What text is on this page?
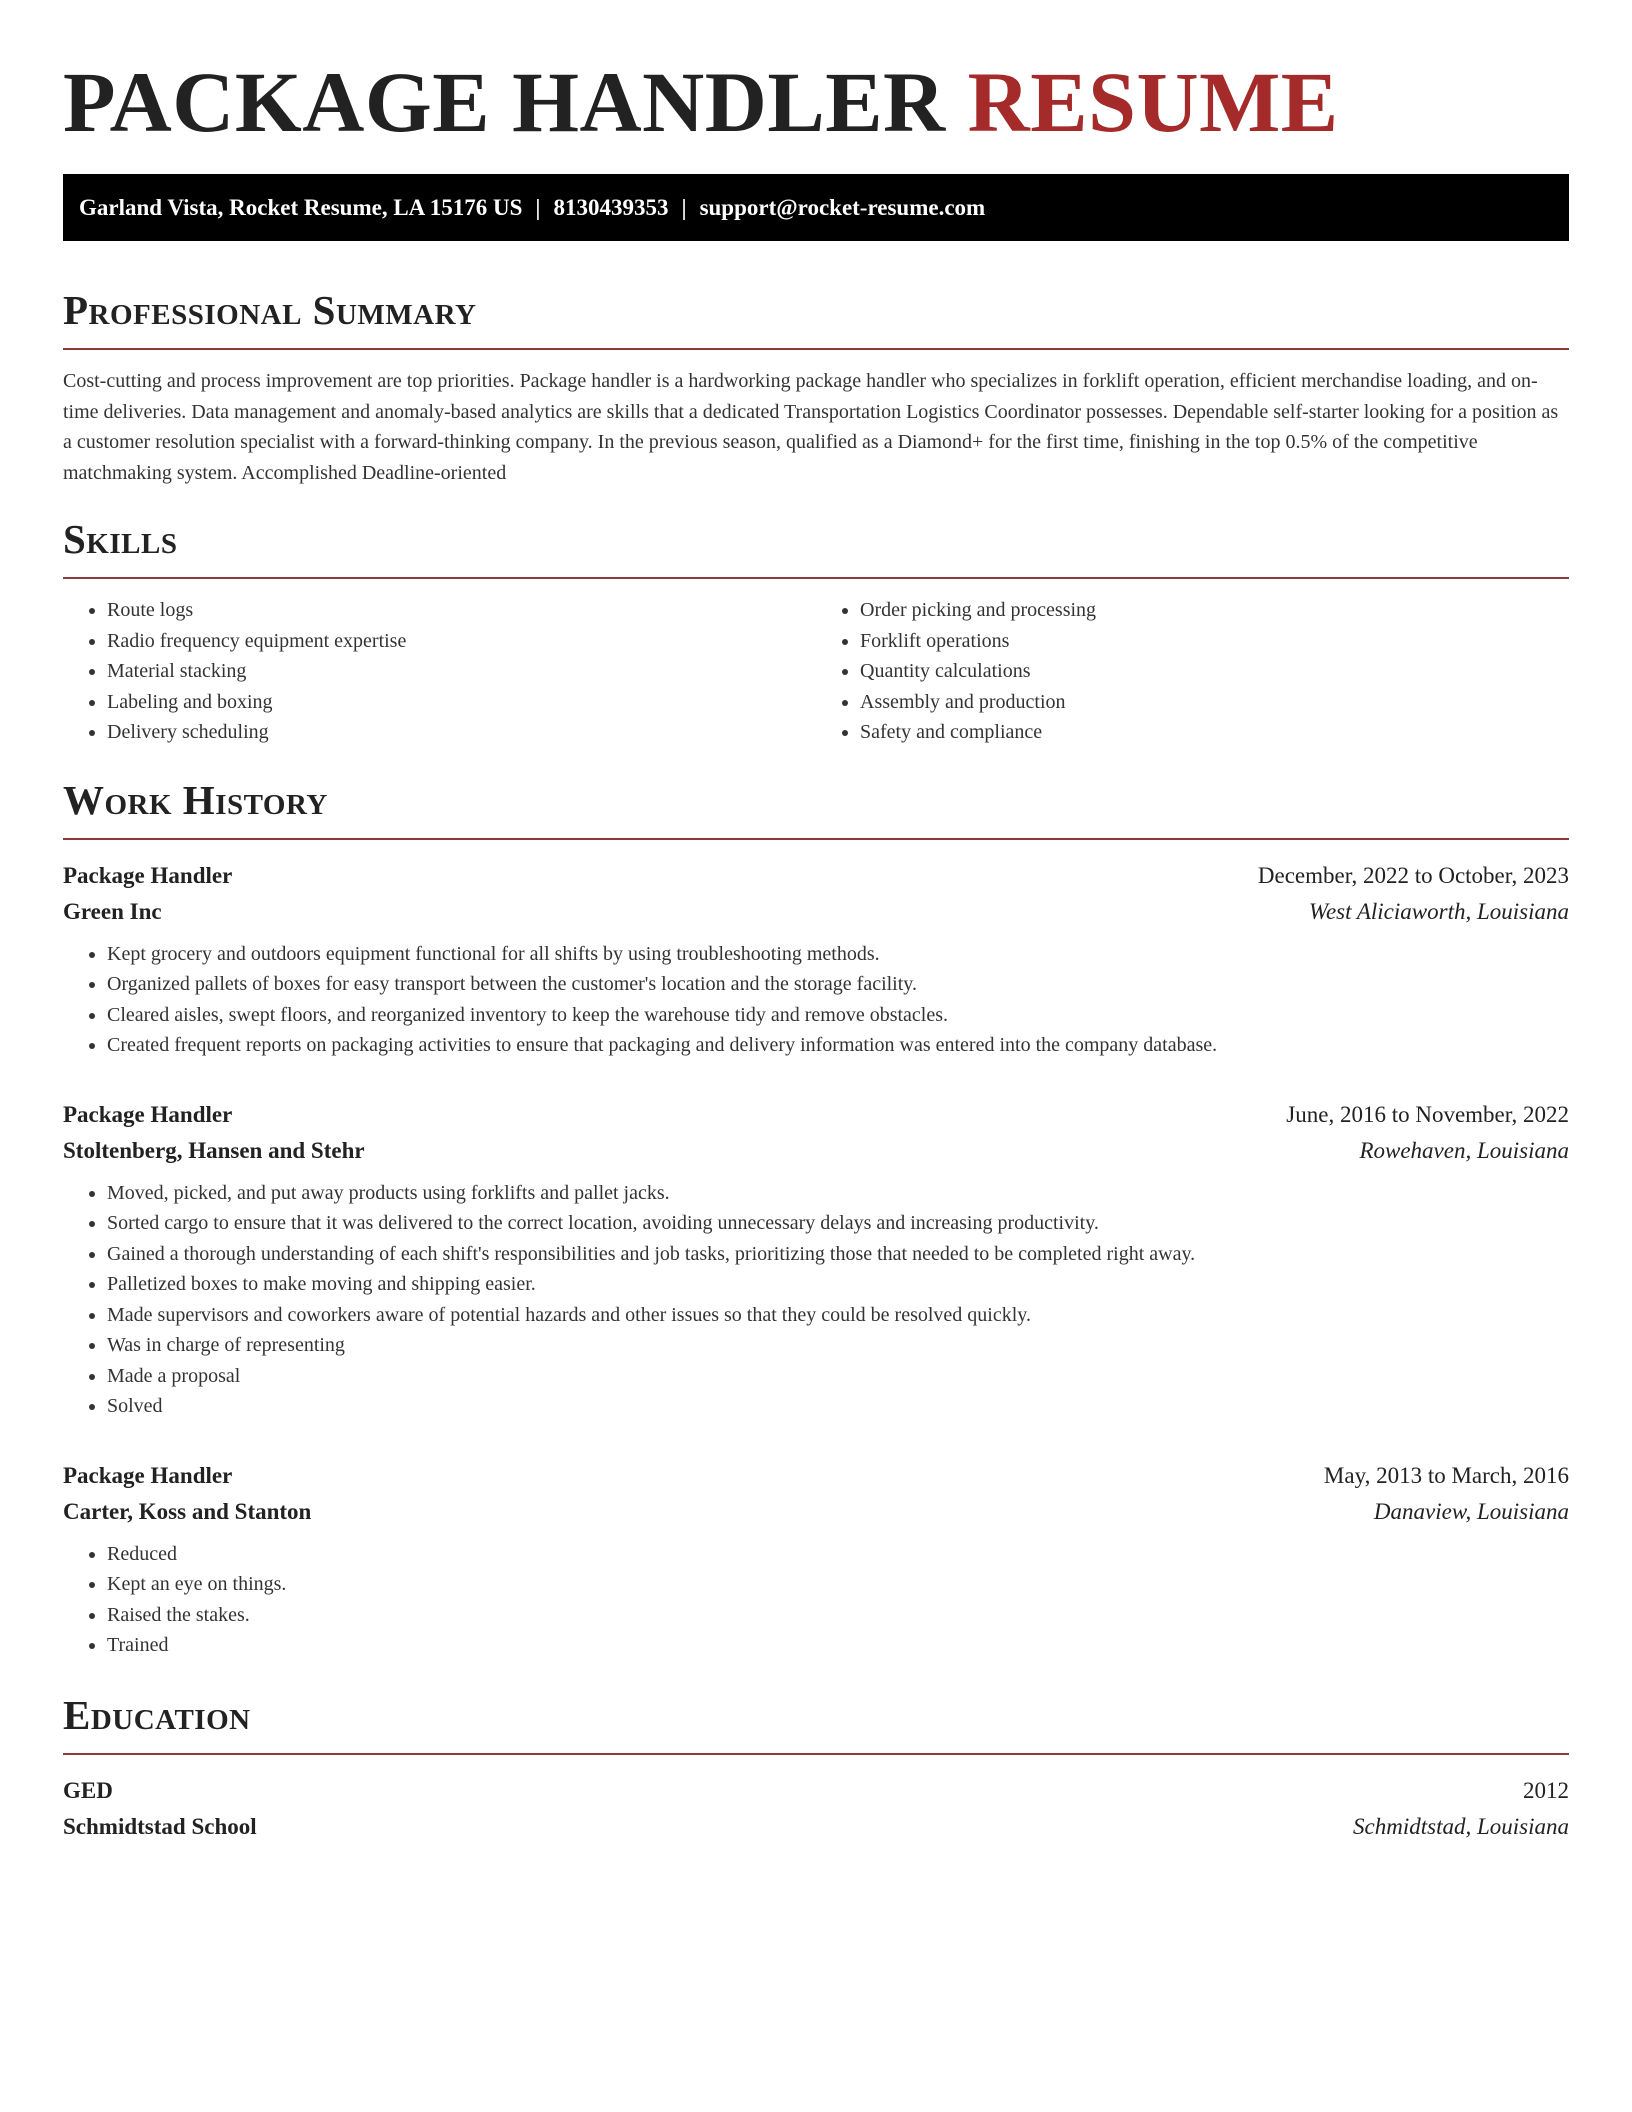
PACKAGE HANDLER RESUME
Garland Vista, Rocket Resume, LA 15176 US | 8130439353 | support@rocket-resume.com
Professional Summary

Cost-cutting and process improvement are top priorities. Package handler is a hardworking package handler who specializes in forklift operation, efficient merchandise loading, and on-time deliveries. Data management and anomaly-based analytics are skills that a dedicated Transportation Logistics Coordinator possesses. Dependable self-starter looking for a position as a customer resolution specialist with a forward-thinking company. In the previous season, qualified as a Diamond+ for the first time, finishing in the top 0.5% of the competitive matchmaking system. Accomplished Deadline-oriented

Skills
• Route logs
• Radio frequency equipment expertise
• Material stacking
• Labeling and boxing
• Delivery scheduling
• Order picking and processing
• Forklift operations
• Quantity calculations
• Assembly and production
• Safety and compliance
Work History
Package Handler	December, 2022 to October, 2023
Green Inc	West Aliciaworth, Louisiana
• Kept grocery and outdoors equipment functional for all shifts by using troubleshooting methods.
• Organized pallets of boxes for easy transport between the customer's location and the storage facility.
• Cleared aisles, swept floors, and reorganized inventory to keep the warehouse tidy and remove obstacles.
• Created frequent reports on packaging activities to ensure that packaging and delivery information was entered into the company database.
Package Handler	June, 2016 to November, 2022
Stoltenberg, Hansen and Stehr	Rowehaven, Louisiana
• Moved, picked, and put away products using forklifts and pallet jacks.
• Sorted cargo to ensure that it was delivered to the correct location, avoiding unnecessary delays and increasing productivity.
• Gained a thorough understanding of each shift's responsibilities and job tasks, prioritizing those that needed to be completed right away.
• Palletized boxes to make moving and shipping easier.
• Made supervisors and coworkers aware of potential hazards and other issues so that they could be resolved quickly.
• Was in charge of representing
• Made a proposal
• Solved
Package Handler	May, 2013 to March, 2016
Carter, Koss and Stanton	Danaview, Louisiana
• Reduced
• Kept an eye on things.
• Raised the stakes.
• Trained
Education
GED	2012
Schmidtstad School	Schmidtstad, Louisiana
